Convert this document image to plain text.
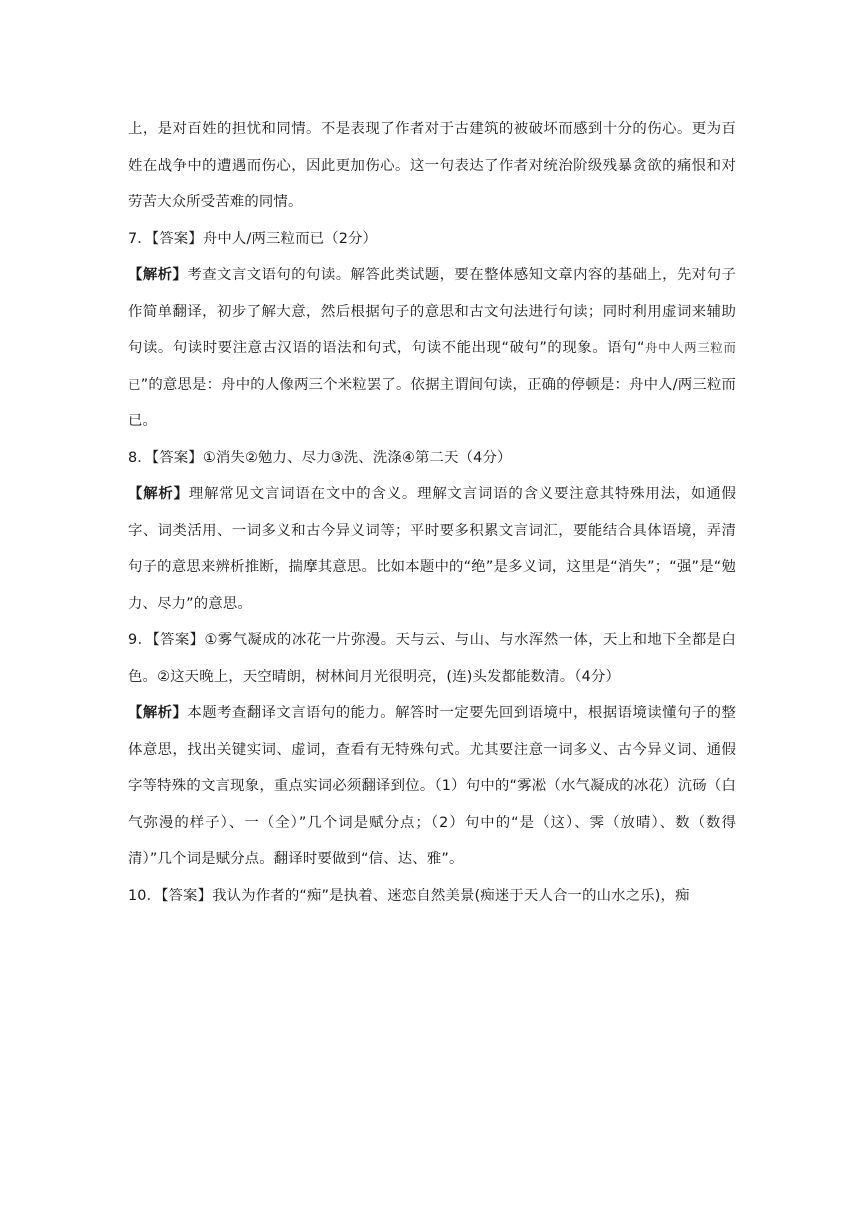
上，是对百姓的担忧和同情。不是表现了作者对于古建筑的被破坏而感到十分的伤心。更为百姓在战争中的遭遇而伤心，因此更加伤心。这一句表达了作者对统治阶级残暴贪欲的痛恨和对劳苦大众所受苦难的同情。

7．【答案】舟中人/两三粒而已（2分）

【解析】考查文言文语句的句读。解答此类试题，要在整体感知文章内容的基础上，先对句子作简单翻译，初步了解大意，然后根据句子的意思和古文句法进行句读；同时利用虚词来辅助句读。句读时要注意古汉语的语法和句式，句读不能出现“破句”的现象。语句“舟中人两三粒而已”的意思是：舟中的人像两三个米粒罢了。依据主谓间句读，正确的停顿是：舟中人/两三粒而已。

8．【答案】①消失②勉力、尽力③洗、洗涤④第二天（4分）

【解析】理解常见文言词语在文中的含义。理解文言词语的含义要注意其特殊用法，如通假字、词类活用、一词多义和古今异义词等；平时要多积累文言词汇，要能结合具体语境，弄清句子的意思来辨析推断，揣摩其意思。比如本题中的“绝”是多义词，这里是“消失”；“强”是“勉力、尽力”的意思。

9．【答案】①雾气凝成的冰花一片弥漫。天与云、与山、与水浑然一体，天上和地下全都是白色。②这天晚上，天空晴朗，树林间月光很明亮，(连)头发都能数清。（4分）

【解析】本题考查翻译文言语句的能力。解答时一定要先回到语境中，根据语境读懂句子的整体意思，找出关键实词、虚词，查看有无特殊句式。尤其要注意一词多义、古今异义词、通假字等特殊的文言现象，重点实词必须翻译到位。（1）句中的“雾凇（水气凝成的冰花）沆砀（白气弥漫的样子）、一（全）”几个词是赋分点；（2）句中的“是（这）、霁（放晴）、数（数得清）”几个词是赋分点。翻译时要做到“信、达、雅”。

10．【答案】我认为作者的“痴”是执着、迷恋自然美景(痴迷于天人合一的山水之乐)，痴
